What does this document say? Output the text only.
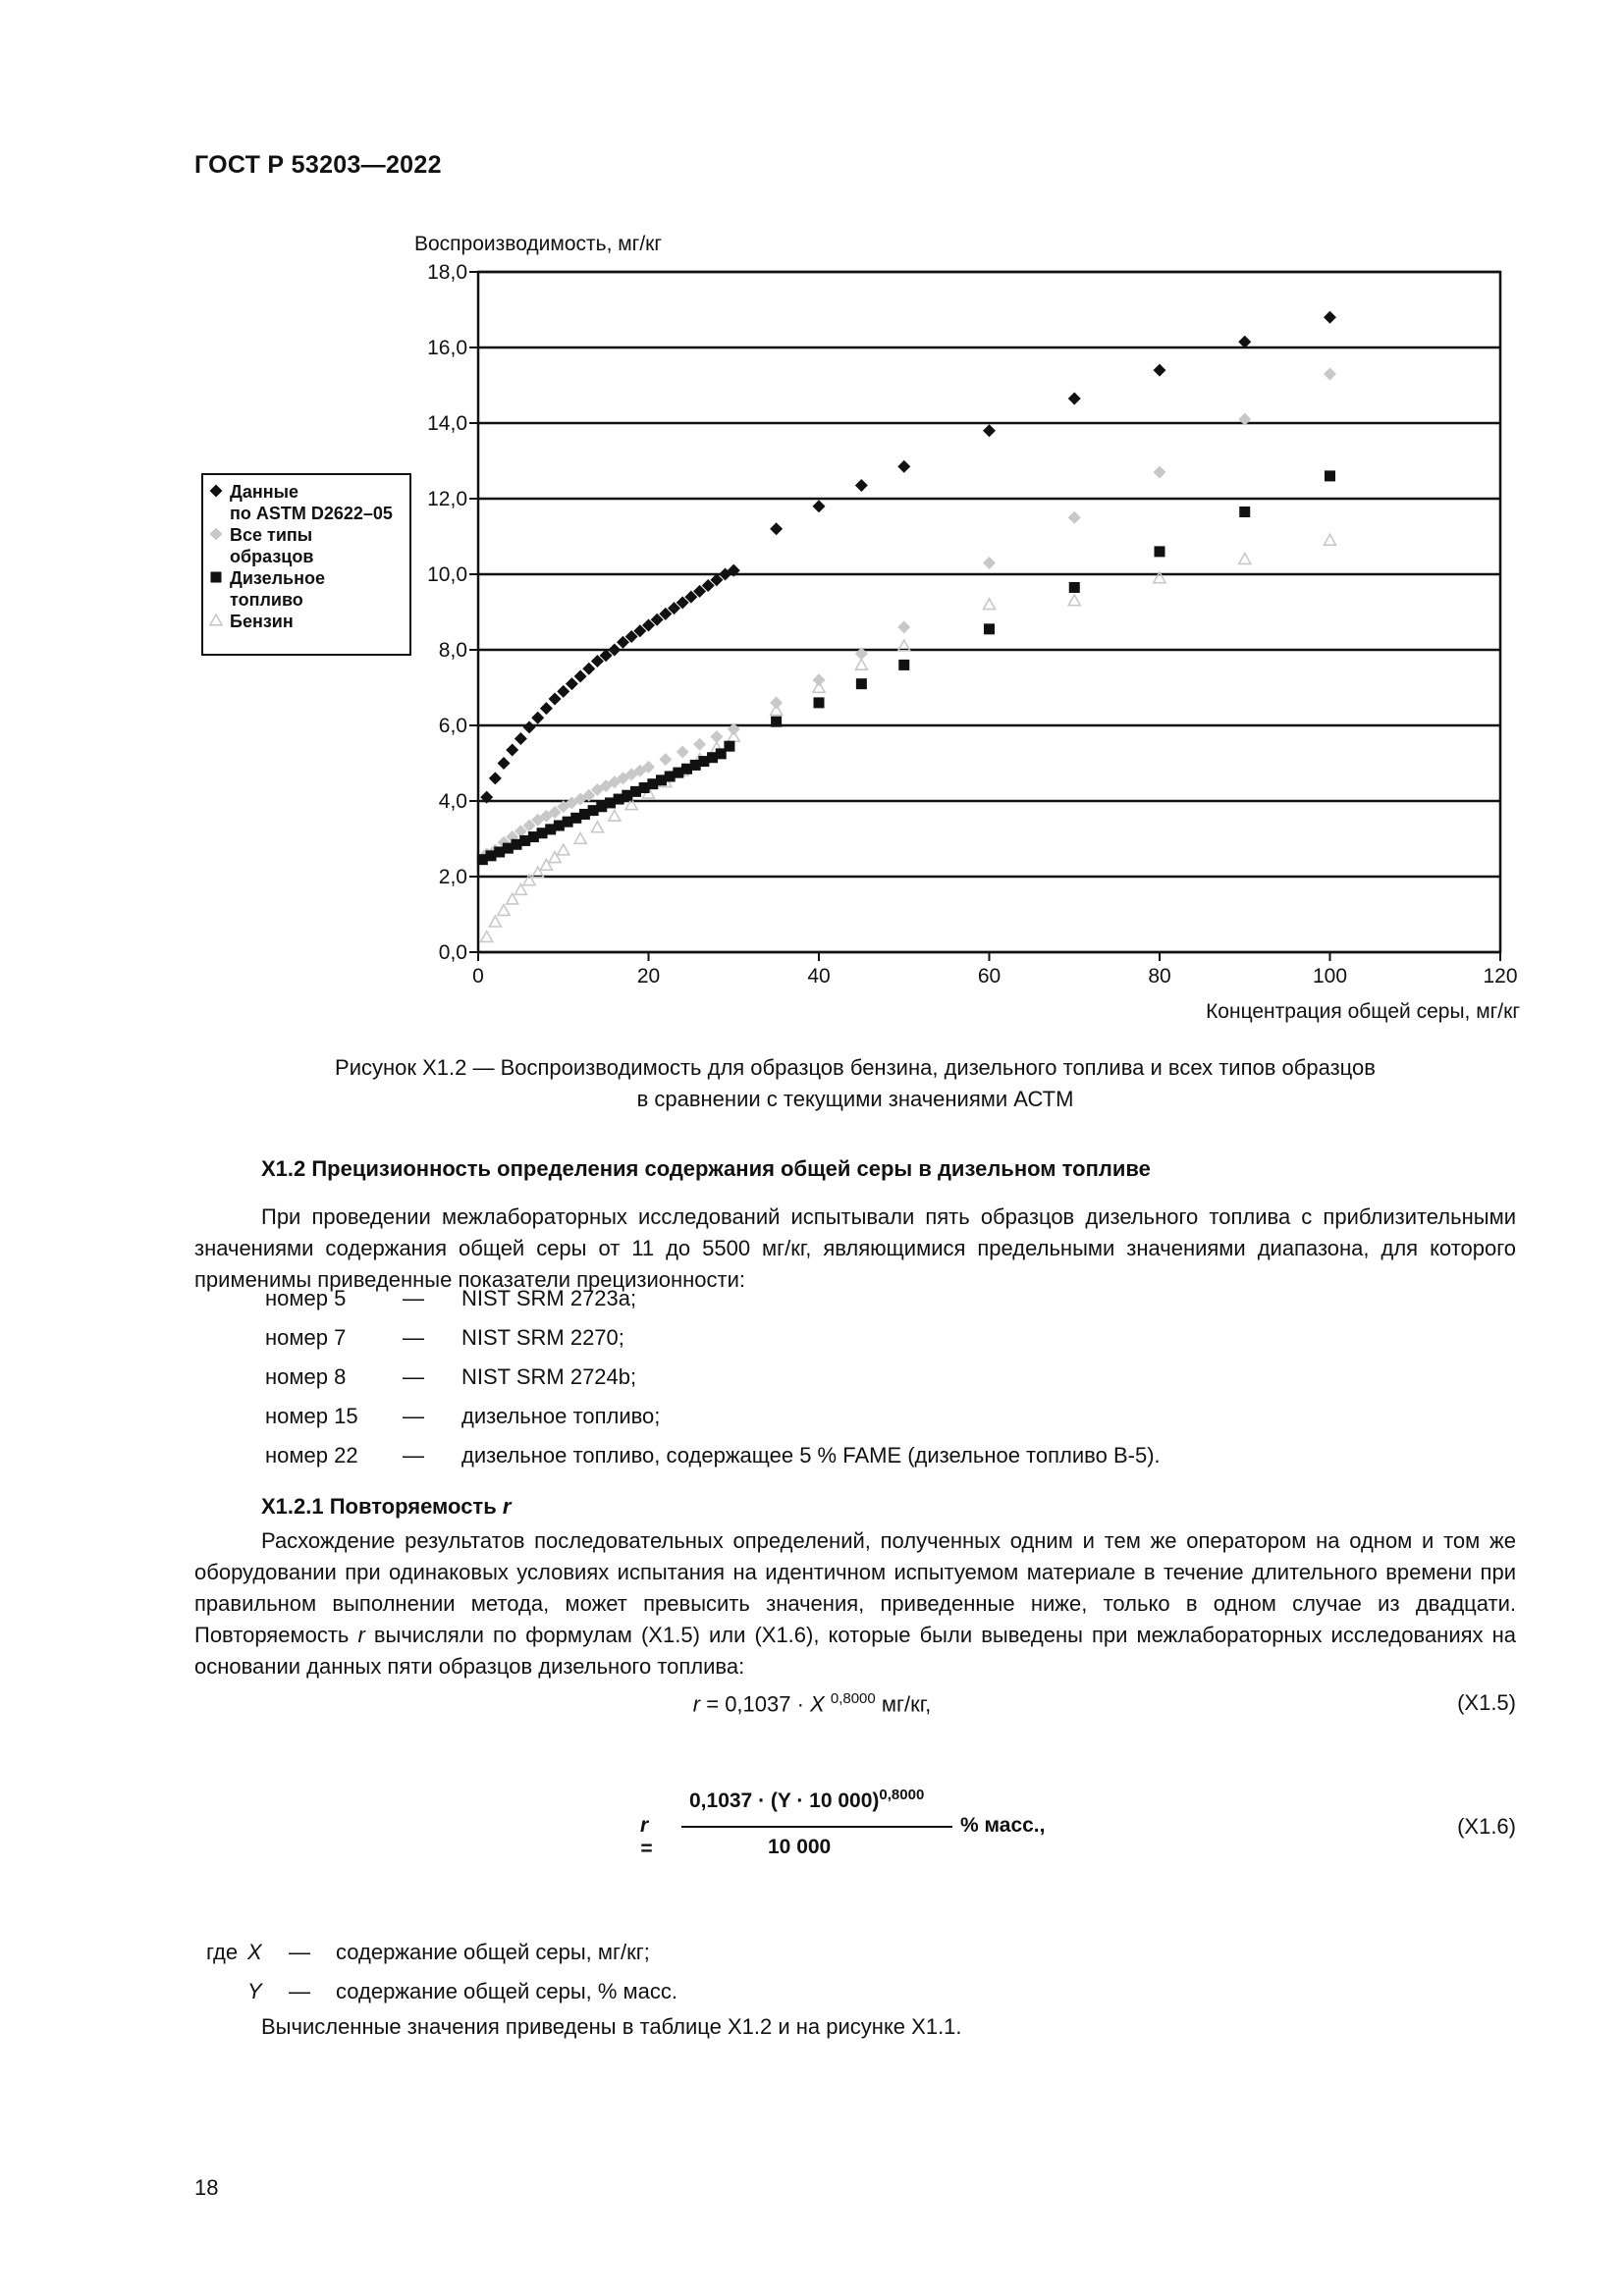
ГОСТ Р 53203—2022
Воспроизводимость, мг/кг
Концентрация общей серы, мг/кг
0,0
2,0
4,0
6,0
8,0
10,0
12,0
14,0
16,0
18,0
0	20	40	60	80	100	120
Данные
по ASTM D2622–05
Все типы
образцов
Дизельное
топливо
Бензин
Рисунок X1.2 — Воспроизводимость для образцов бензина, дизельного топлива и всех типов образцов
в сравнении с текущими значениями АСТМ
X1.2 Прецизионность определения содержания общей серы в дизельном топливе
При проведении межлабораторных исследований испытывали пять образцов дизельного топлива с приблизительными значениями содержания общей серы от 11 до 5500 мг/кг, являющимися предельными значениями диапазона, для которого применимы приведенные показатели прецизионности:
номер 5	—	NIST SRM 2723a;
номер 7	—	NIST SRM 2270;
номер 8	—	NIST SRM 2724b;
номер 15	—	дизельное топливо;
номер 22	—	дизельное топливо, содержащее 5 % FAME (дизельное топливо В-5).
X1.2.1 Повторяемость r
Расхождение результатов последовательных определений, полученных одним и тем же оператором на одном и том же оборудовании при одинаковых условиях испытания на идентичном испытуемом материале в течение длительного времени при правильном выполнении метода, может превысить значения, приведенные ниже, только в одном случае из двадцати. Повторяемость r вычисляли по формулам (X1.5) или (X1.6), которые были выведены при межлабораторных исследованиях на основании данных пяти образцов дизельного топлива:
r = 0,1037 · X $^{0,8000}$ мг/кг,	(X1.5)
r =
0,1037 · (Y · 10 000)$^{0,8000}$
10 000
% масс.,	(X1.6)
где X — содержание общей серы, мг/кг;
Y — содержание общей серы, % масс.
Вычисленные значения приведены в таблице X1.2 и на рисунке X1.1.
18
